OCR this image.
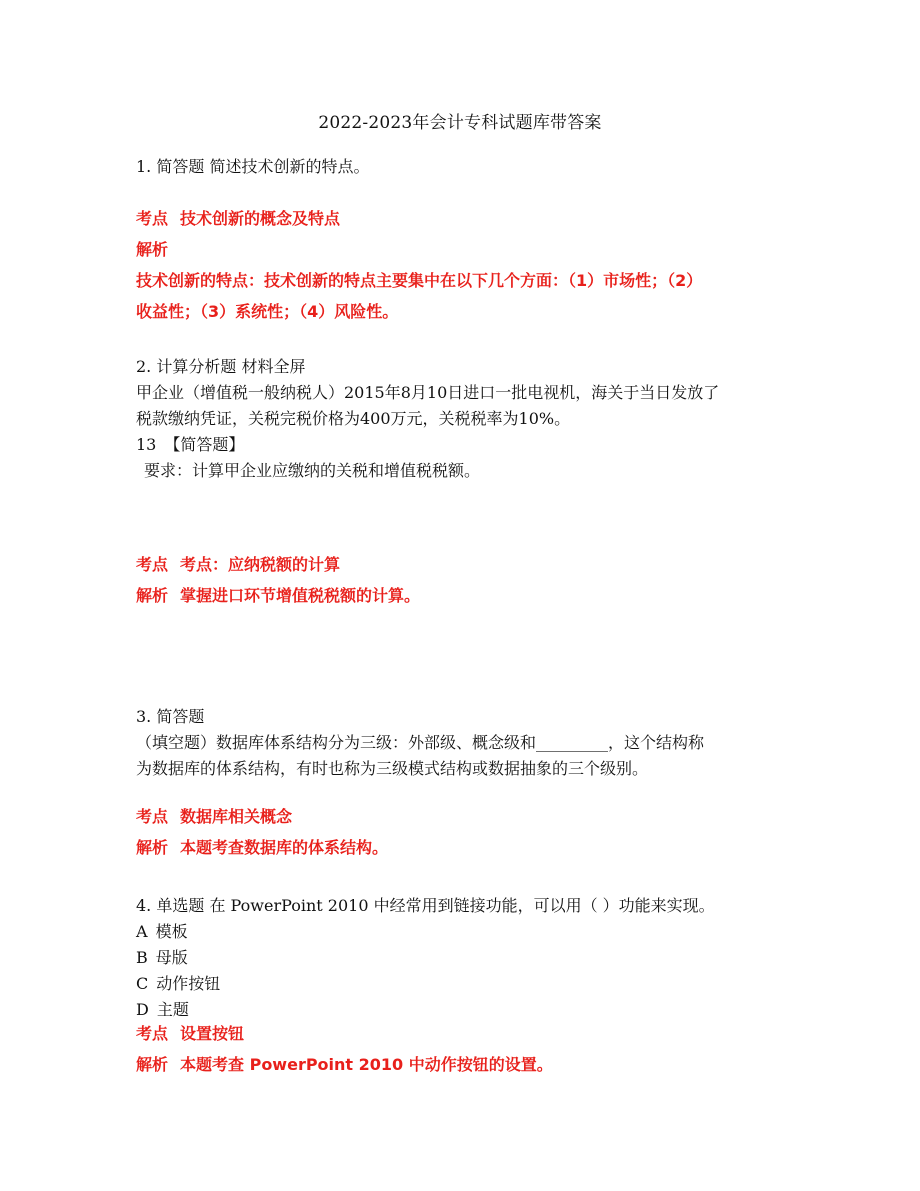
2022-2023年会计专科试题库带答案
1. 简答题 简述技术创新的特点。
考点 技术创新的概念及特点
解析
技术创新的特点：技术创新的特点主要集中在以下几个方面：（1）市场性；（2）
收益性；（3）系统性；（4）风险性。
2. 计算分析题 材料全屏
甲企业（增值税一般纳税人）2015年8月10日进口一批电视机，海关于当日发放了
税款缴纳凭证，关税完税价格为400万元，关税税率为10%。
13 【简答题】
要求：计算甲企业应缴纳的关税和增值税税额。
考点 考点：应纳税额的计算
解析 掌握进口环节增值税税额的计算。
3. 简答题
（填空题）数据库体系结构分为三级：外部级、概念级和_________，这个结构称
为数据库的体系结构，有时也称为三级模式结构或数据抽象的三个级别。
考点 数据库相关概念
解析 本题考查数据库的体系结构。
4. 单选题 在 PowerPoint 2010 中经常用到链接功能，可以用（ ）功能来实现。
A 模板
B 母版
C 动作按钮
D 主题
考点 设置按钮
解析 本题考查 PowerPoint 2010 中动作按钮的设置。
